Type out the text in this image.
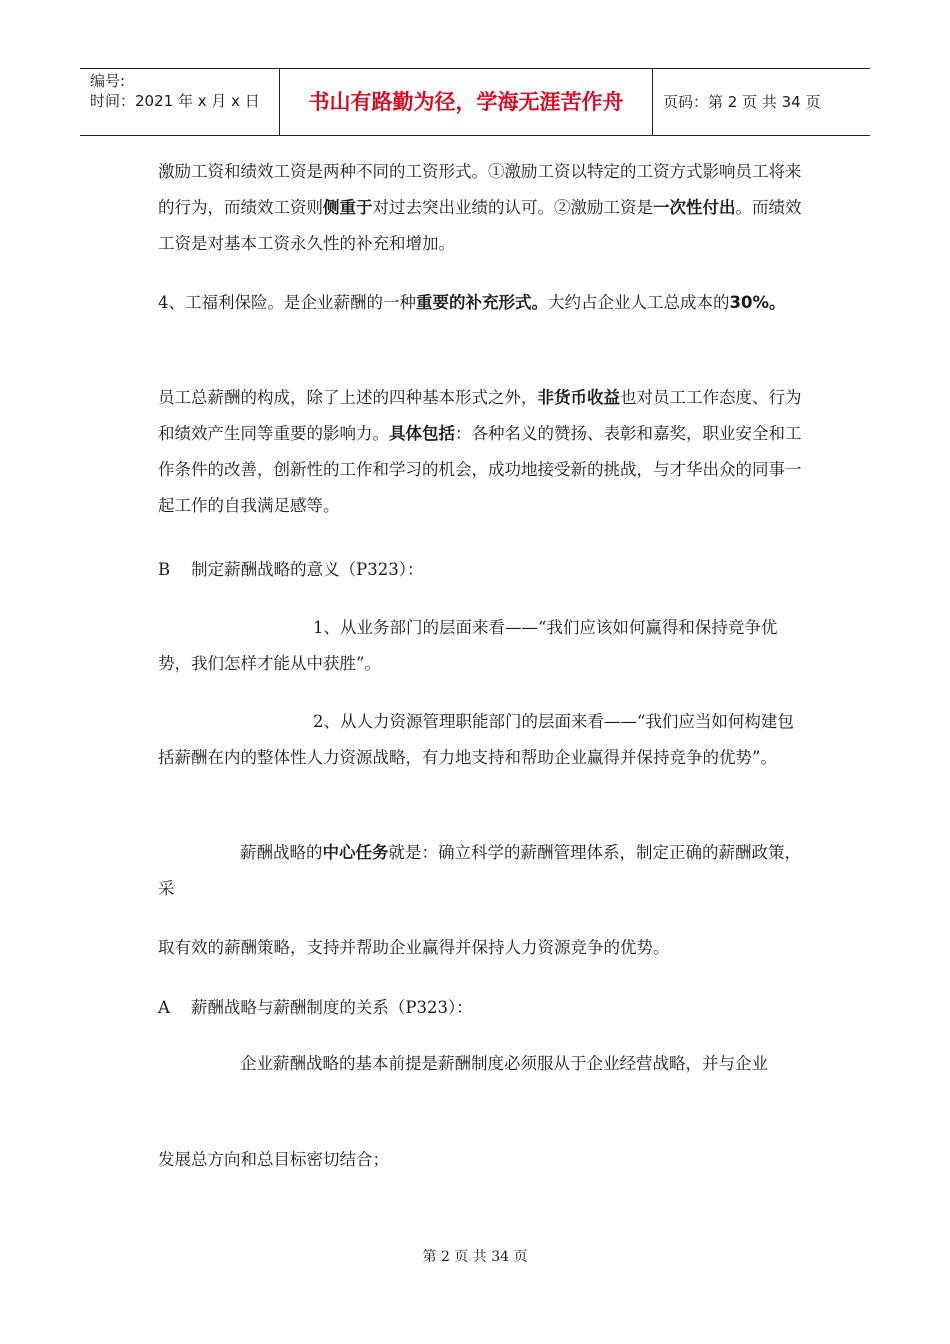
编号:
时间：2021 年 x 月 x 日	书山有路勤为径，学海无涯苦作舟	页码：第 2 页 共 34 页

激励工资和绩效工资是两种不同的工资形式。①激励工资以特定的工资方式影响员工将来的行为，而绩效工资则侧重于对过去突出业绩的认可。②激励工资是一次性付出。而绩效工资是对基本工资永久性的补充和增加。

4、工福利保险。是企业薪酬的一种重要的补充形式。大约占企业人工总成本的30%。

员工总薪酬的构成，除了上述的四种基本形式之外，非货币收益也对员工工作态度、行为和绩效产生同等重要的影响力。具体包括：各种名义的赞扬、表彰和嘉奖，职业安全和工作条件的改善，创新性的工作和学习的机会，成功地接受新的挑战，与才华出众的同事一起工作的自我满足感等。

B    制定薪酬战略的意义（P323）：

1、从业务部门的层面来看——“我们应该如何赢得和保持竞争优势，我们怎样才能从中获胜”。

2、从人力资源管理职能部门的层面来看——“我们应当如何构建包括薪酬在内的整体性人力资源战略，有力地支持和帮助企业赢得并保持竞争的优势”。

薪酬战略的中心任务就是：确立科学的薪酬管理体系，制定正确的薪酬政策，采

取有效的薪酬策略，支持并帮助企业赢得并保持人力资源竞争的优势。

A    薪酬战略与薪酬制度的关系（P323）：

企业薪酬战略的基本前提是薪酬制度必须服从于企业经营战略，并与企业

发展总方向和总目标密切结合；

第 2 页 共 34 页
